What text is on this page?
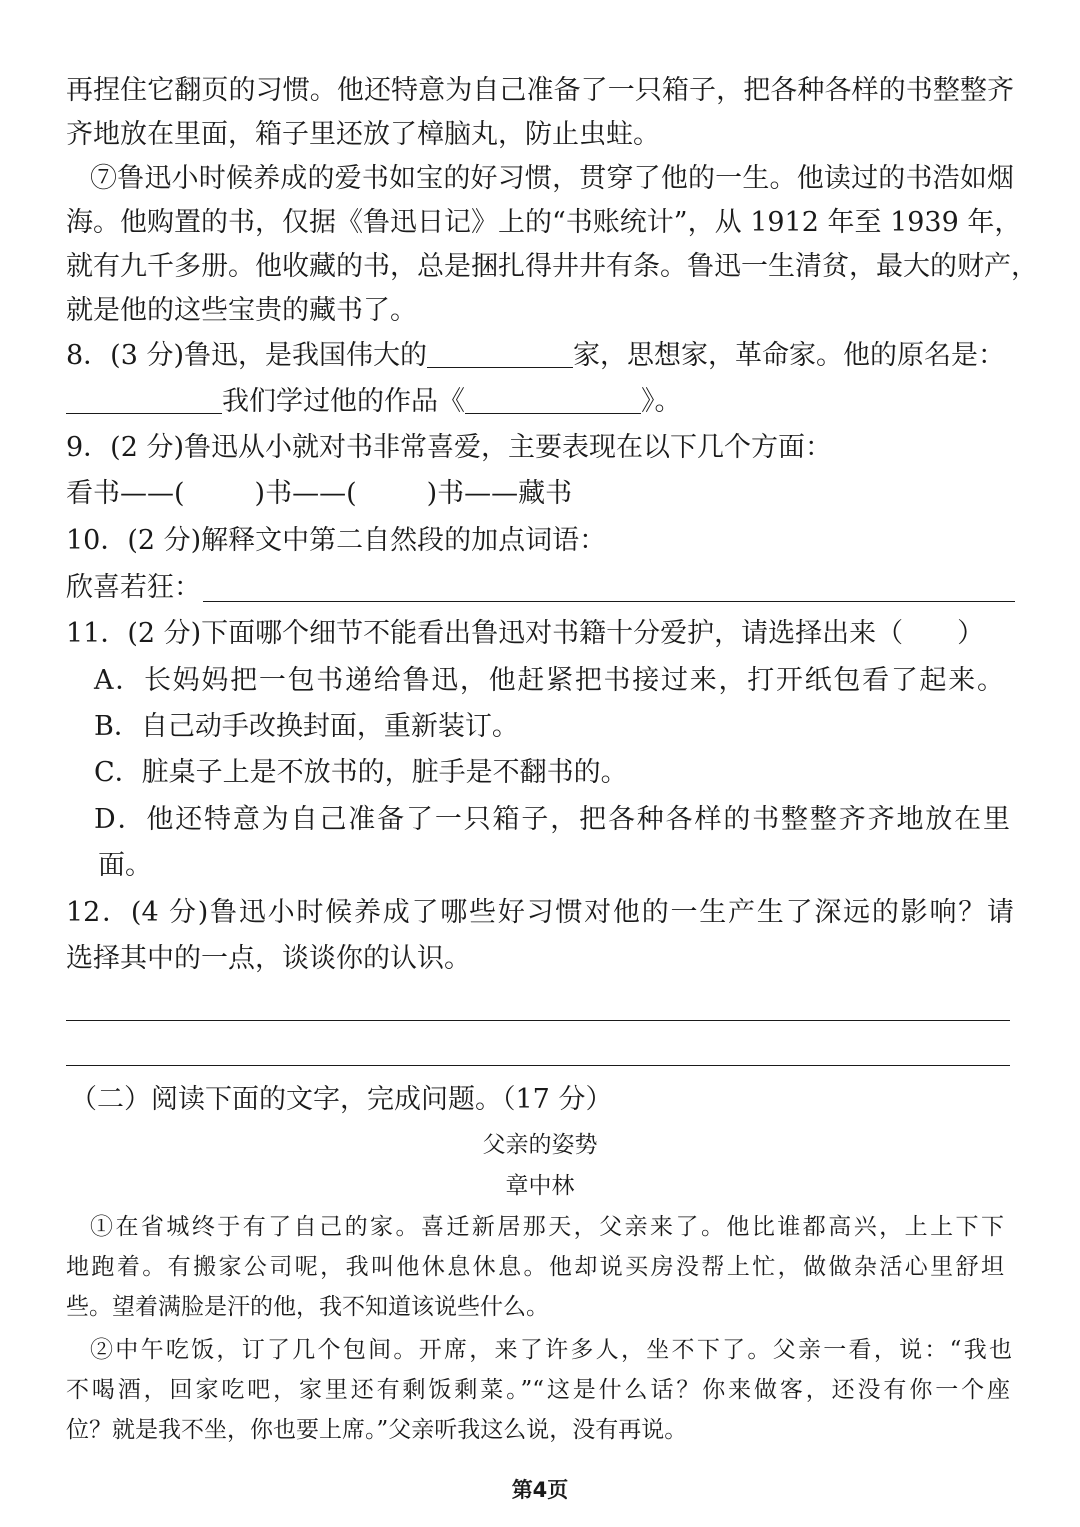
再捏住它翻页的习惯。他还特意为自己准备了一只箱子，把各种各样的书整整齐
齐地放在里面，箱子里还放了樟脑丸，防止虫蛀。
⑦鲁迅小时候养成的爱书如宝的好习惯，贯穿了他的一生。他读过的书浩如烟
海。他购置的书，仅据《鲁迅日记》上的“书账统计”，从 1912 年至 1939 年，
就有九千多册。他收藏的书，总是捆扎得井井有条。鲁迅一生清贫，最大的财产，
就是他的这些宝贵的藏书了。
8．(3 分)鲁迅，是我国伟大的	家，思想家，革命家。他的原名是：
我们学过他的作品《	》。
9．(2 分)鲁迅从小就对书非常喜爱，主要表现在以下几个方面：
看书——(	)书——(	)书——藏书
10．(2 分)解释文中第二自然段的加点词语：
欣喜若狂：
11．(2 分)下面哪个细节不能看出鲁迅对书籍十分爱护，请选择出来（　　）
A．长妈妈把一包书递给鲁迅，他赶紧把书接过来，打开纸包看了起来。
B．自己动手改换封面，重新装订。
C．脏桌子上是不放书的，脏手是不翻书的。
D．他还特意为自己准备了一只箱子，把各种各样的书整整齐齐地放在里
面。
12．(4 分)鲁迅小时候养成了哪些好习惯对他的一生产生了深远的影响？请
选择其中的一点，谈谈你的认识。
（二）阅读下面的文字，完成问题。（17 分）
父亲的姿势
章中林
①在省城终于有了自己的家。喜迁新居那天，父亲来了。他比谁都高兴，上上下下
地跑着。有搬家公司呢，我叫他休息休息。他却说买房没帮上忙，做做杂活心里舒坦
些。望着满脸是汗的他，我不知道该说些什么。
②中午吃饭，订了几个包间。开席，来了许多人，坐不下了。父亲一看，说：“我也
不喝酒，回家吃吧，家里还有剩饭剩菜。”“这是什么话？你来做客，还没有你一个座
位？就是我不坐，你也要上席。”父亲听我这么说，没有再说。
第4页
